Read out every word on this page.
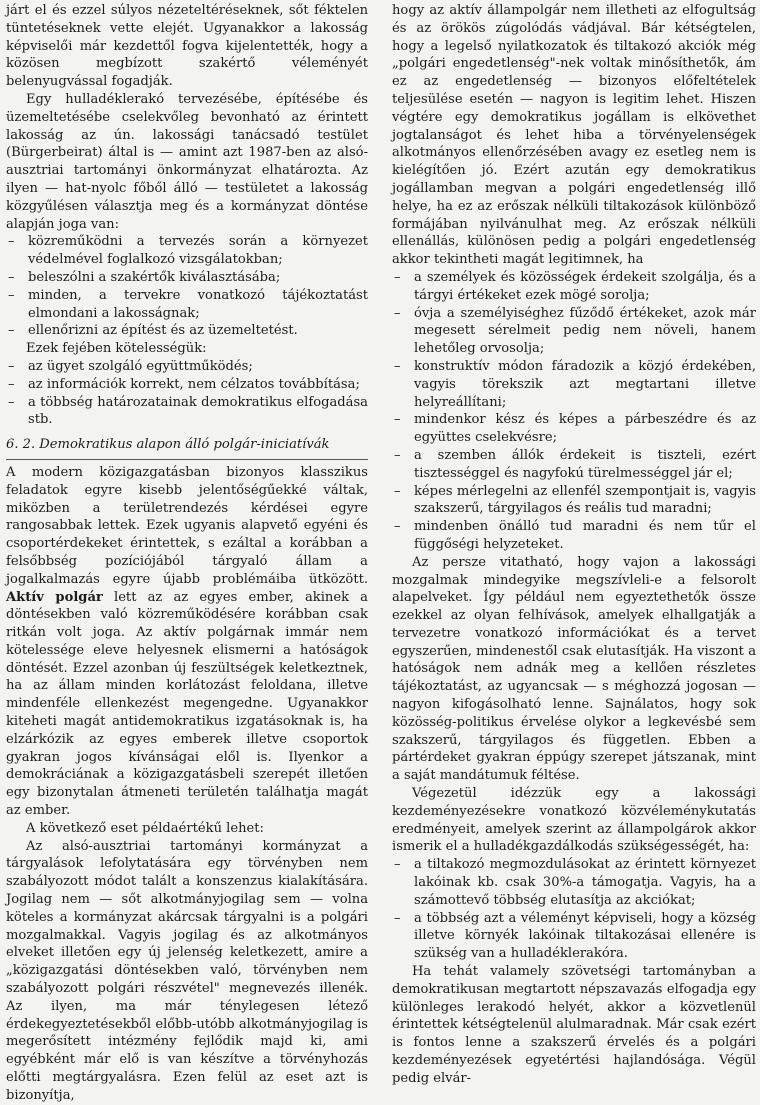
járt el és ezzel súlyos nézeteltéréseknek, sőt féktelen tüntetéseknek vette elejét. Ugyanakkor a lakosság képviselői már kezdettől fogva kijelentették, hogy a közösen megbízott szakértő véleményét belenyugvással fogadják.

Egy hulladéklerakó tervezésébe, építésébe és üzemeltetésébe cselekvőleg bevonható az érintett lakosság az ún. lakossági tanácsadó testület (Bürgerbeirat) által is — amint azt 1987-ben az alsó-ausztriai tartományi önkormányzat elhatározta. Az ilyen — hat-nyolc főből álló — testületet a lakosság közgyűlésen választja meg és a kormányzat döntése alapján joga van:

– közreműködni a tervezés során a környezet védelmével foglalkozó vizsgálatokban;
– beleszólni a szakértők kiválasztásába;
– minden, a tervekre vonatkozó tájékoztatást elmondani a lakosságnak;
– ellenőrizni az építést és az üzemeltetést.

Ezek fejében kötelességük:

– az ügyet szolgáló együttműködés;
– az információk korrekt, nem célzatos továbbítása;
– a többség határozatainak demokratikus elfogadása stb.
6. 2. Demokratikus alapon álló polgár-iniciatívák

A modern közigazgatásban bizonyos klasszikus feladatok egyre kisebb jelentőségűekké váltak, miközben a területrendezés kérdései egyre rangosabbak lettek. Ezek ugyanis alapvető egyéni és csoportérdekeket érintettek, s ezáltal a korábban a felsőbbség pozíciójából tárgyaló állam a jogalkalmazás egyre újabb problémáiba ütközött. Aktív polgár lett az az egyes ember, akinek a döntésekben való közreműködésére korábban csak ritkán volt joga. Az aktív polgárnak immár nem kötelessége eleve helyesnek elismerni a hatóságok döntését. Ezzel azonban új feszültségek keletkeztnek, ha az állam minden korlátozást feloldana, illetve mindenféle ellenkezést megengedne. Ugyanakkor kiteheti magát antidemokratikus izgatásoknak is, ha elzárkózik az egyes emberek illetve csoportok gyakran jogos kívánságai elől is. Ilyenkor a demokráciának a közigazgatásbeli szerepét illetően egy bizonytalan átmeneti területén találhatja magát az ember.

A következő eset példaértékű lehet:

Az alsó-ausztriai tartományi kormányzat a tárgyalások lefolytatására egy törvényben nem szabályozott módot talált a konszenzus kialakítására. Jogilag nem — sőt alkotmányjogilag sem — volna köteles a kormányzat akárcsak tárgyalni is a polgári mozgalmakkal. Vagyis jogilag és az alkotmányos elveket illetően egy új jelenség keletkezett, amire a „közigazgatási döntésekben való, törvényben nem szabályozott polgári részvétel" megnevezés illenék. Az ilyen, ma már ténylegesen létező érdekegyeztetésekből előbb-utóbb alkotmányjogilag is megerősített intézmény fejlődik majd ki, ami egyébként már elő is van készítve a törvényhozás előtti megtárgyalásra. Ezen felül az eset azt is bizonyítja,

hogy az aktív állampolgár nem illetheti az elfogultság és az örökös zúgolódás vádjával. Bár kétségtelen, hogy a legelső nyilatkozatok és tiltakozó akciók még „polgári engedetlenség"-nek voltak minősíthetők, ám ez az engedetlenség — bizonyos előfeltételek teljesülése esetén — nagyon is legitim lehet. Hiszen végtére egy demokratikus jogállam is elkövethet jogtalanságot és lehet hiba a törvényelenségek alkotmányos ellenőrzésében avagy ez esetleg nem is kielégítően jó. Ezért azután egy demokratikus jogállamban megvan a polgári engedetlenség illő helye, ha ez az erőszak nélküli tiltakozások különböző formájában nyilvánulhat meg. Az erőszak nélküli ellenállás, különösen pedig a polgári engedetlenség akkor tekintheti magát legitimnek, ha

– a személyek és közösségek érdekeit szolgálja, és a tárgyi értékeket ezek mögé sorolja;
– óvja a személyiséghez fűződő értékeket, azok már megesett sérelmeit pedig nem növeli, hanem lehetőleg orvosolja;
– konstruktív módon fáradozik a közjó érdekében, vagyis törekszik azt megtartani illetve helyreállítani;
– mindenkor kész és képes a párbeszédre és az együttes cselekvésre;
– a szemben állók érdekeit is tiszteli, ezért tisztességgel és nagyfokú türelmességgel jár el;
– képes mérlegelni az ellenfél szempontjait is, vagyis szakszerű, tárgyilagos és reális tud maradni;
– mindenben önálló tud maradni és nem tűr el függőségi helyzeteket.

Az persze vitatható, hogy vajon a lakossági mozgalmak mindegyike megszívleli-e a felsorolt alapelveket. Így például nem egyeztethetők össze ezekkel az olyan felhívások, amelyek elhallgatják a tervezetre vonatkozó információkat és a tervet egyszerűen, mindenestől csak elutasítják. Ha viszont a hatóságok nem adnák meg a kellően részletes tájékoztatást, az ugyancsak — s méghozzá jogosan — nagyon kifogásolható lenne. Sajnálatos, hogy sok közösség-politikus érvelése olykor a legkevésbé sem szakszerű, tárgyilagos és független. Ebben a pártérdeket gyakran éppúgy szerepet játszanak, mint a saját mandátumuk féltése.

Végezetül idézzük egy a lakossági kezdeményezésekre vonatkozó közvéleménykutatás eredményeit, amelyek szerint az állampolgárok akkor ismerik el a hulladékgazdálkodás szükségességét, ha:

– a tiltakozó megmozdulásokat az érintett környezet lakóinak kb. csak 30%-a támogatja. Vagyis, ha a számottevő többség elutasítja az akciókat;
– a többség azt a véleményt képviseli, hogy a község illetve környék lakóinak tiltakozásai ellenére is szükség van a hulladéklerakóra.

Ha tehát valamely szövetségi tartományban a demokratikusan megtartott népszavazás elfogadja egy különleges lerakodó helyét, akkor a közvetlenül érintettek kétségtelenül alulmaradnak. Már csak ezért is fontos lenne a szakszerű érvelés és a polgári kezdeményezések egyetértési hajlandósága. Végül pedig elvár-
